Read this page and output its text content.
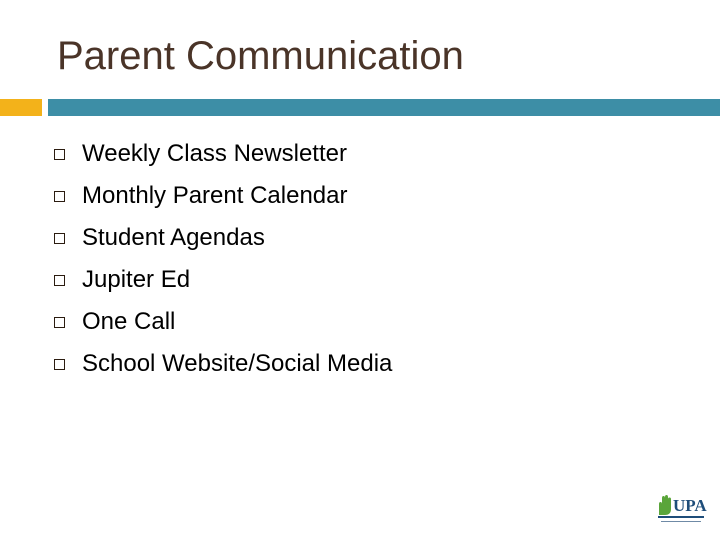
Parent Communication
Weekly Class Newsletter
Monthly Parent Calendar
Student Agendas
Jupiter Ed
One Call
School Website/Social Media
UPA
